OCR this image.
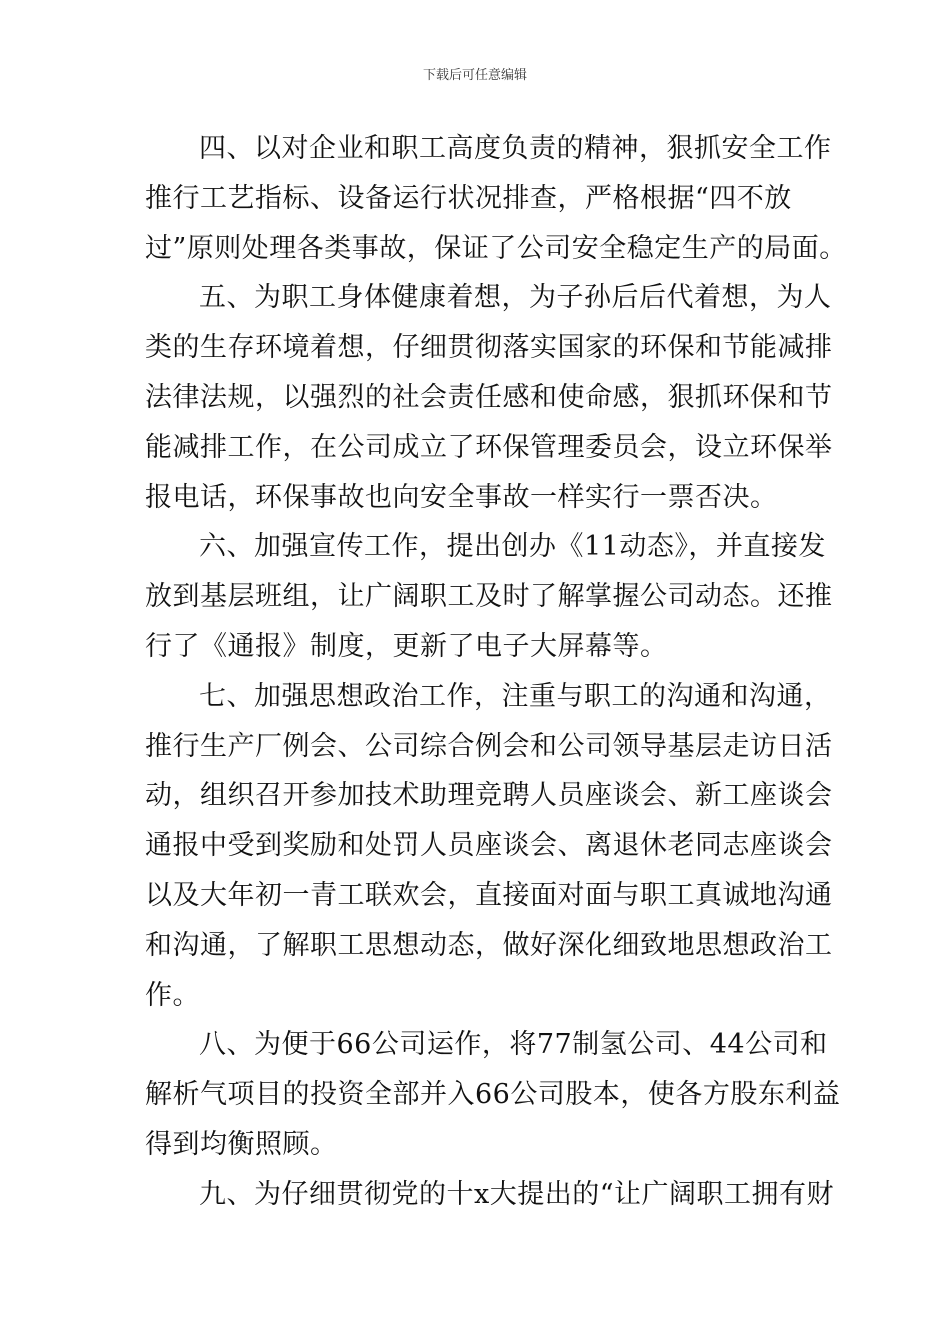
下载后可任意编辑

四、以对企业和职工高度负责的精神，狠抓安全工作
推行工艺指标、设备运行状况排查，严格根据“四不放
过”原则处理各类事故，保证了公司安全稳定生产的局面。

五、为职工身体健康着想，为子孙后后代着想，为人
类的生存环境着想，仔细贯彻落实国家的环保和节能减排
法律法规，以强烈的社会责任感和使命感，狠抓环保和节
能减排工作，在公司成立了环保管理委员会，设立环保举
报电话，环保事故也向安全事故一样实行一票否决。

六、加强宣传工作，提出创办《11动态》，并直接发
放到基层班组，让广阔职工及时了解掌握公司动态。还推
行了《通报》制度，更新了电子大屏幕等。

七、加强思想政治工作，注重与职工的沟通和沟通，
推行生产厂例会、公司综合例会和公司领导基层走访日活
动，组织召开参加技术助理竞聘人员座谈会、新工座谈会
通报中受到奖励和处罚人员座谈会、离退休老同志座谈会
以及大年初一青工联欢会，直接面对面与职工真诚地沟通
和沟通，了解职工思想动态，做好深化细致地思想政治工
作。

八、为便于66公司运作，将77制氢公司、44公司和
解析气项目的投资全部并入66公司股本，使各方股东利益
得到均衡照顾。

九、为仔细贯彻党的十x大提出的“让广阔职工拥有财
